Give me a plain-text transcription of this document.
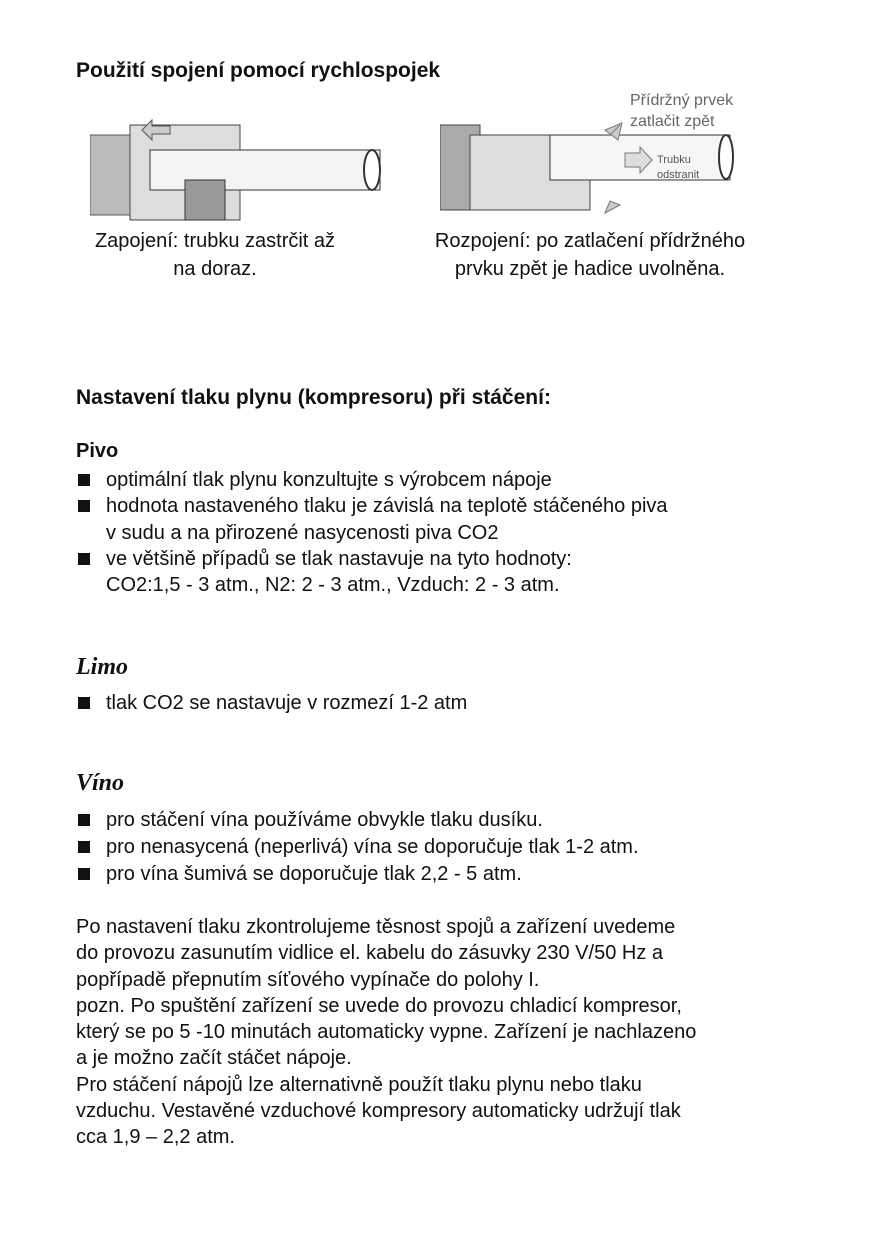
Použití spojení pomocí rychlospojek
Zapojení: trubku zastrčit až
na doraz.
Přídržný prvek
zatlačit zpět
Trubku
odstranit
Rozpojení: po zatlačení přídržného
prvku zpět je hadice uvolněna.
Nastavení tlaku plynu (kompresoru) při stáčení:
Pivo
optimální tlak plynu konzultujte s výrobcem nápoje
hodnota nastaveného tlaku je závislá na teplotě stáčeného piva
v sudu a na přirozené nasycenosti piva CO2
ve většině případů se tlak nastavuje na tyto hodnoty:
CO2:1,5 - 3 atm., N2: 2 - 3 atm., Vzduch: 2 - 3 atm.
Limo
tlak CO2 se nastavuje v rozmezí 1-2 atm
Víno
pro stáčení vína používáme obvykle tlaku dusíku.
pro nenasycená (neperlivá) vína se doporučuje tlak 1-2 atm.
pro vína šumivá se doporučuje tlak 2,2 - 5 atm.
Po nastavení tlaku zkontrolujeme těsnost spojů a zařízení uvedeme
do provozu zasunutím vidlice el. kabelu do zásuvky 230 V/50 Hz a
popřípadě přepnutím síťového vypínače do polohy I.
pozn. Po spuštění zařízení se uvede do provozu chladicí kompresor,
který se po 5 -10 minutách automaticky vypne. Zařízení je nachlazeno
a je možno začít stáčet nápoje.
Pro stáčení nápojů lze alternativně použít tlaku plynu nebo tlaku
vzduchu. Vestavěné vzduchové kompresory automaticky udržují tlak
cca 1,9 – 2,2 atm.
